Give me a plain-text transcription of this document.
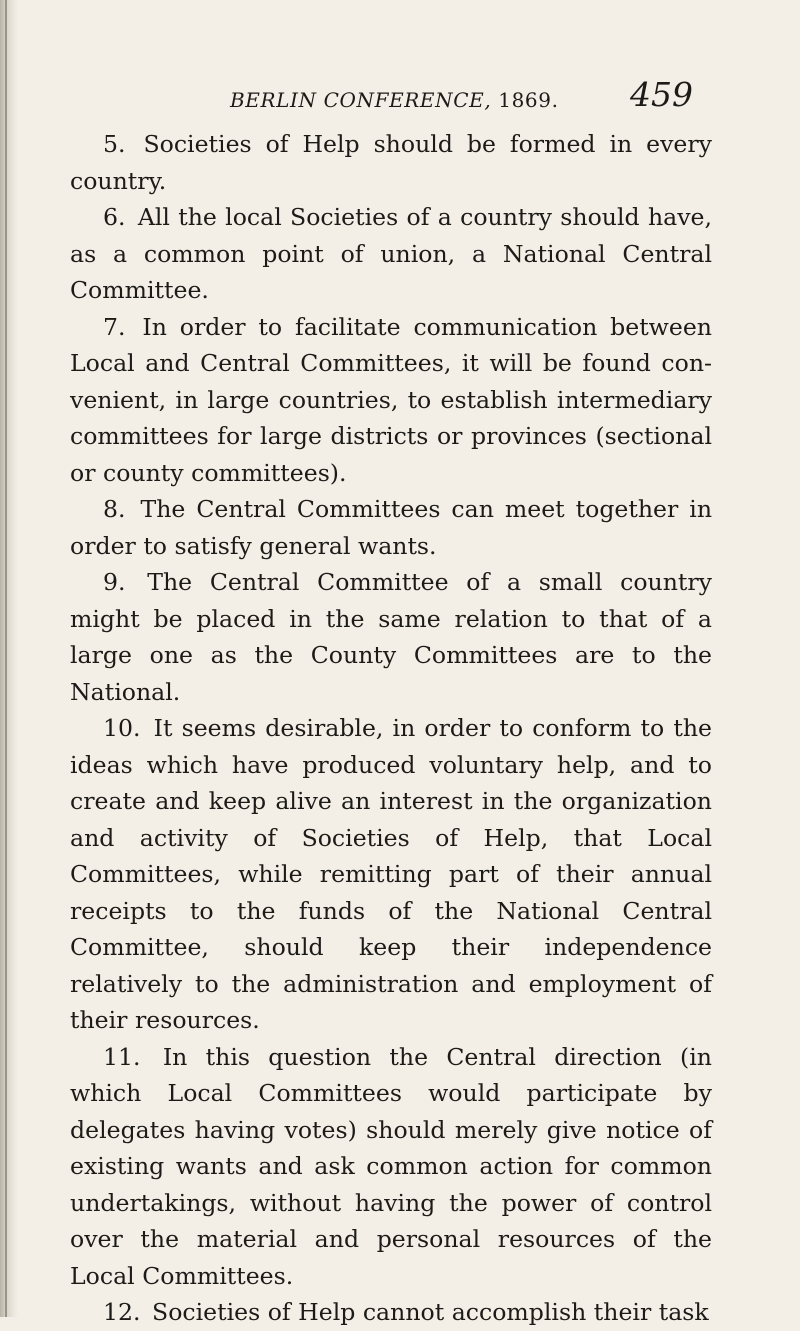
BERLIN CONFERENCE, 1869. 459

5. Societies of Help should be formed in every country.

6. All the local Societies of a country should have, as a common point of union, a National Central Committee.

7. In order to facilitate communication between Local and Central Committees, it will be found con- venient, in large countries, to establish intermediary committees for large districts or provinces (sectional or county committees).

8. The Central Committees can meet together in order to satisfy general wants.

9. The Central Committee of a small country might be placed in the same relation to that of a large one as the County Committees are to the National.

10. It seems desirable, in order to conform to the ideas which have produced voluntary help, and to create and keep alive an interest in the organization and activity of Societies of Help, that Local Committees, while remitting part of their annual receipts to the funds of the National Central Committee, should keep their independence relatively to the administration and employment of their resources.

11. In this question the Central direction (in which Local Committees would participate by delegates having votes) should merely give notice of existing wants and ask common action for common undertakings, without having the power of control over the material and personal resources of the Local Committees.

12. Societies of Help cannot accomplish their task
